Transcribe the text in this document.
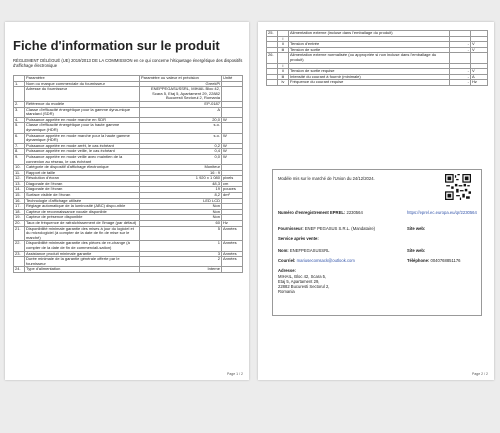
Fiche d'information sur le produit
RÈGLEMENT DÉLÉGUÉ (UE) 2019/2013 DE LA COMMISSION en ce qui concerne l'étiquetage énergétique des dispositifs d'affichage électronique
	Paramètre	Paramètre ou valeur et précision	Unité
1.	Nom ou marque commerciale du fournisseur	GreekPi	
	Adresse du fournisseur	ENEPPEGASUSSRL, MIHAIL Bloc 42, Scara 5, Etaj 5, Apartament 29, 22882 Bucuresti Sectorul 2, Romania	
2.	Référence du modèle	EP-0187	
3.	Classe d'efficacité énergétique pour la gamme dyna-mique standard (SDR)	A	
4.	Puissance appelée en mode marche en SDR	20,0	W
5.	Classe d'efficacité énergétique pour la haute gamme dynamique (HDR)	s.o.	
6.	Puissance appelée en mode marche pour la haute gamme dynamique (HDR)	s.o.	W
7.	Puissance appelée en mode arrêt, le cas échéant	0,2	W
8.	Puissance appelée en mode veille, le cas échéant	0,4	W
9.	Puissance appelée en mode veille avec maintien de la connexion au réseau, le cas échéant	0,0	W
10.	Catégorie de dispositif d'affichage électronique	Moniteur	
11.	Rapport de taille	16 : 9	
12.	Résolution d'écran	1 920 x 1 080	pixels
13.	Diagonale de l'écran	48,3	cm
14.	Diagonale de l'écran	19	pouces
15.	Surface visible de l'écran	8,2	dm²
16.	Technologie d'affichage utilisée	LED LCD	
17.	Réglage automatique de la luminosité (ABC) dispo-nible	Non	
18.	Capteur de reconnaissance vocale disponible	Non	
19.	Capteur de présence disponible	Non	
20.	Taux de fréquence de rafraîchissement de l'image (par défaut)	60	Hz
21.	Disponibilité minimale garantie des mises à jour du logiciel et du micrologiciel (à compter de la date de fin de mise sur le marché)	5	Années
22.	Disponibilité minimale garantie des pièces de re-change (à compter de la date de fin de commerciali-sation)	1	Années
23.	Assistance produit minimale garantie	3	Années
	Durée minimale de la garantie générale offerte par le fournisseur	2	Années
24.	Type d'alimentation	Interne	
Page 1 / 2
25.		Alimentation externe (incluse dans l'emballage du produit)		
	i			
	ii	Tension d'entrée	-	V
	iii	Tension de sortie	-	V
26.		Alimentation externe normalisée (ou appropriée si non incluse dans l'emballage du produit)		
	i			
	ii	Tension de sortie requise	-	V
	iii	Intensité du courant à fournir (minimale)	-	A
	iv	Fréquence du courant requise	-	Hz
Modèle mis sur le marché de l'Union du 24/12/2024.
Numéro d'enregistrement EPREL: 2230564	https://eprel.ec.europa.eu/qr/2230564
Fournisseur: ENEF PEGASUS S.R.L. (Mandataire)	Site web:
Service après vente:
Nom: ENEFPEGASUSSRL	Site web:
Courriel: mariusecomsack@outlook.com	Téléphone: 0040768851176
Adresse:
MIHAIL, Bloc 42, Scara 5,
Etaj 5, Apartament 29,
22882 Bucuresti Sectorul 2,
Romania
Page 2 / 2
